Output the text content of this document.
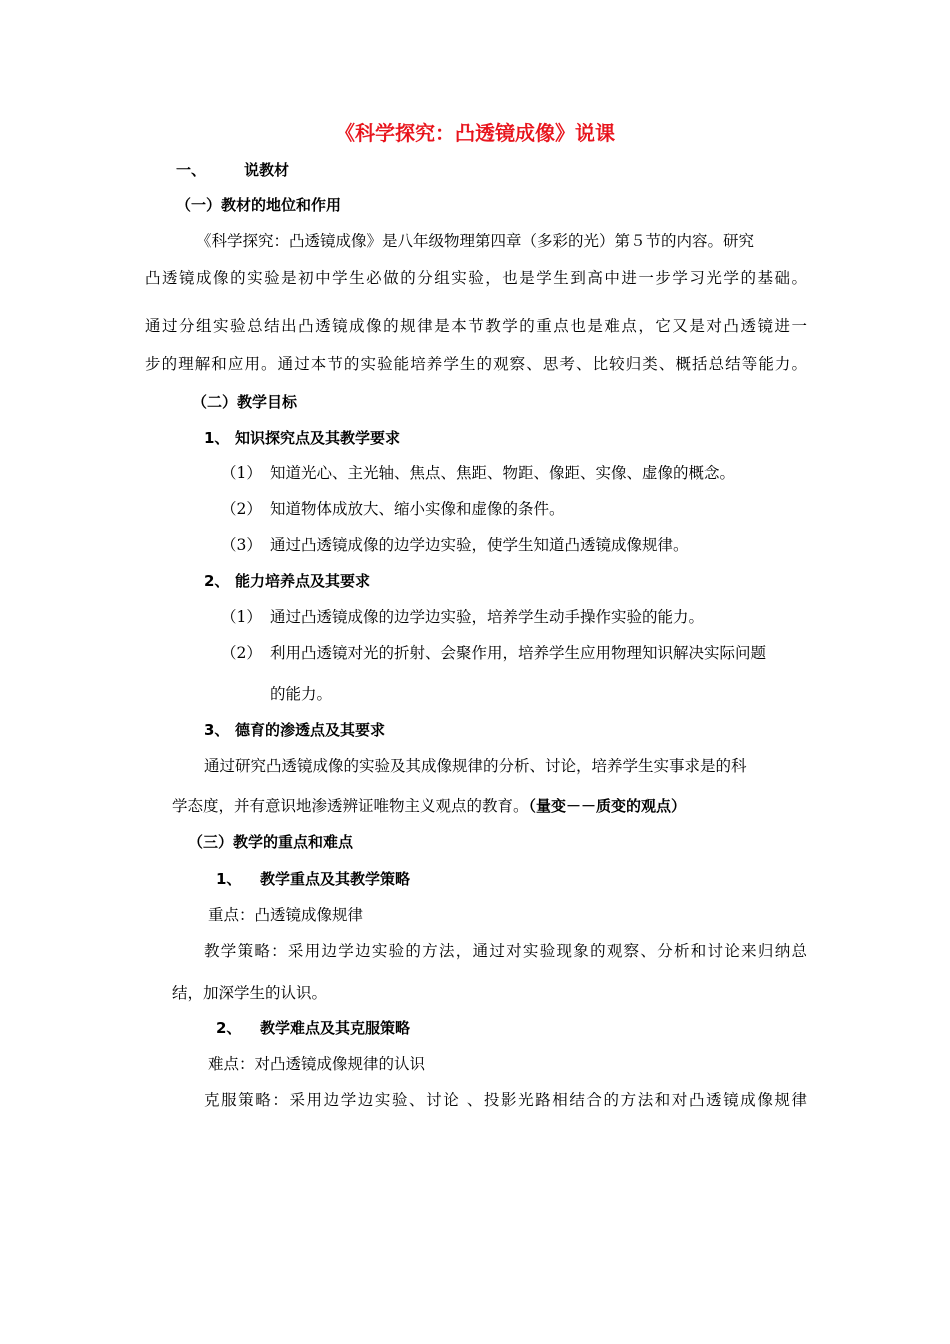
《科学探究：凸透镜成像》说课
一、	说教材
（一）教材的地位和作用
《科学探究：凸透镜成像》是八年级物理第四章（多彩的光）第５节的内容。研究
凸透镜成像的实验是初中学生必做的分组实验，也是学生到高中进一步学习光学的基础。
通过分组实验总结出凸透镜成像的规律是本节教学的重点也是难点，它又是对凸透镜进一
步的理解和应用。通过本节的实验能培养学生的观察、思考、比较归类、概括总结等能力。
（二）教学目标
1、 知识探究点及其教学要求
（1） 知道光心、主光轴、焦点、焦距、物距、像距、实像、虚像的概念。
（2） 知道物体成放大、缩小实像和虚像的条件。
（3） 通过凸透镜成像的边学边实验，使学生知道凸透镜成像规律。
2、 能力培养点及其要求
（1） 通过凸透镜成像的边学边实验，培养学生动手操作实验的能力。
（2） 利用凸透镜对光的折射、会聚作用，培养学生应用物理知识解决实际问题
的能力。
3、 德育的渗透点及其要求
通过研究凸透镜成像的实验及其成像规律的分析、讨论，培养学生实事求是的科
学态度，并有意识地渗透辨证唯物主义观点的教育。（量变－－质变的观点）
（三）教学的重点和难点
1、 教学重点及其教学策略
重点：凸透镜成像规律
教学策略：采用边学边实验的方法，通过对实验现象的观察、分析和讨论来归纳总
结，加深学生的认识。
2、 教学难点及其克服策略
难点：对凸透镜成像规律的认识
克服策略：采用边学边实验、讨论 、投影光路相结合的方法和对凸透镜成像规律
